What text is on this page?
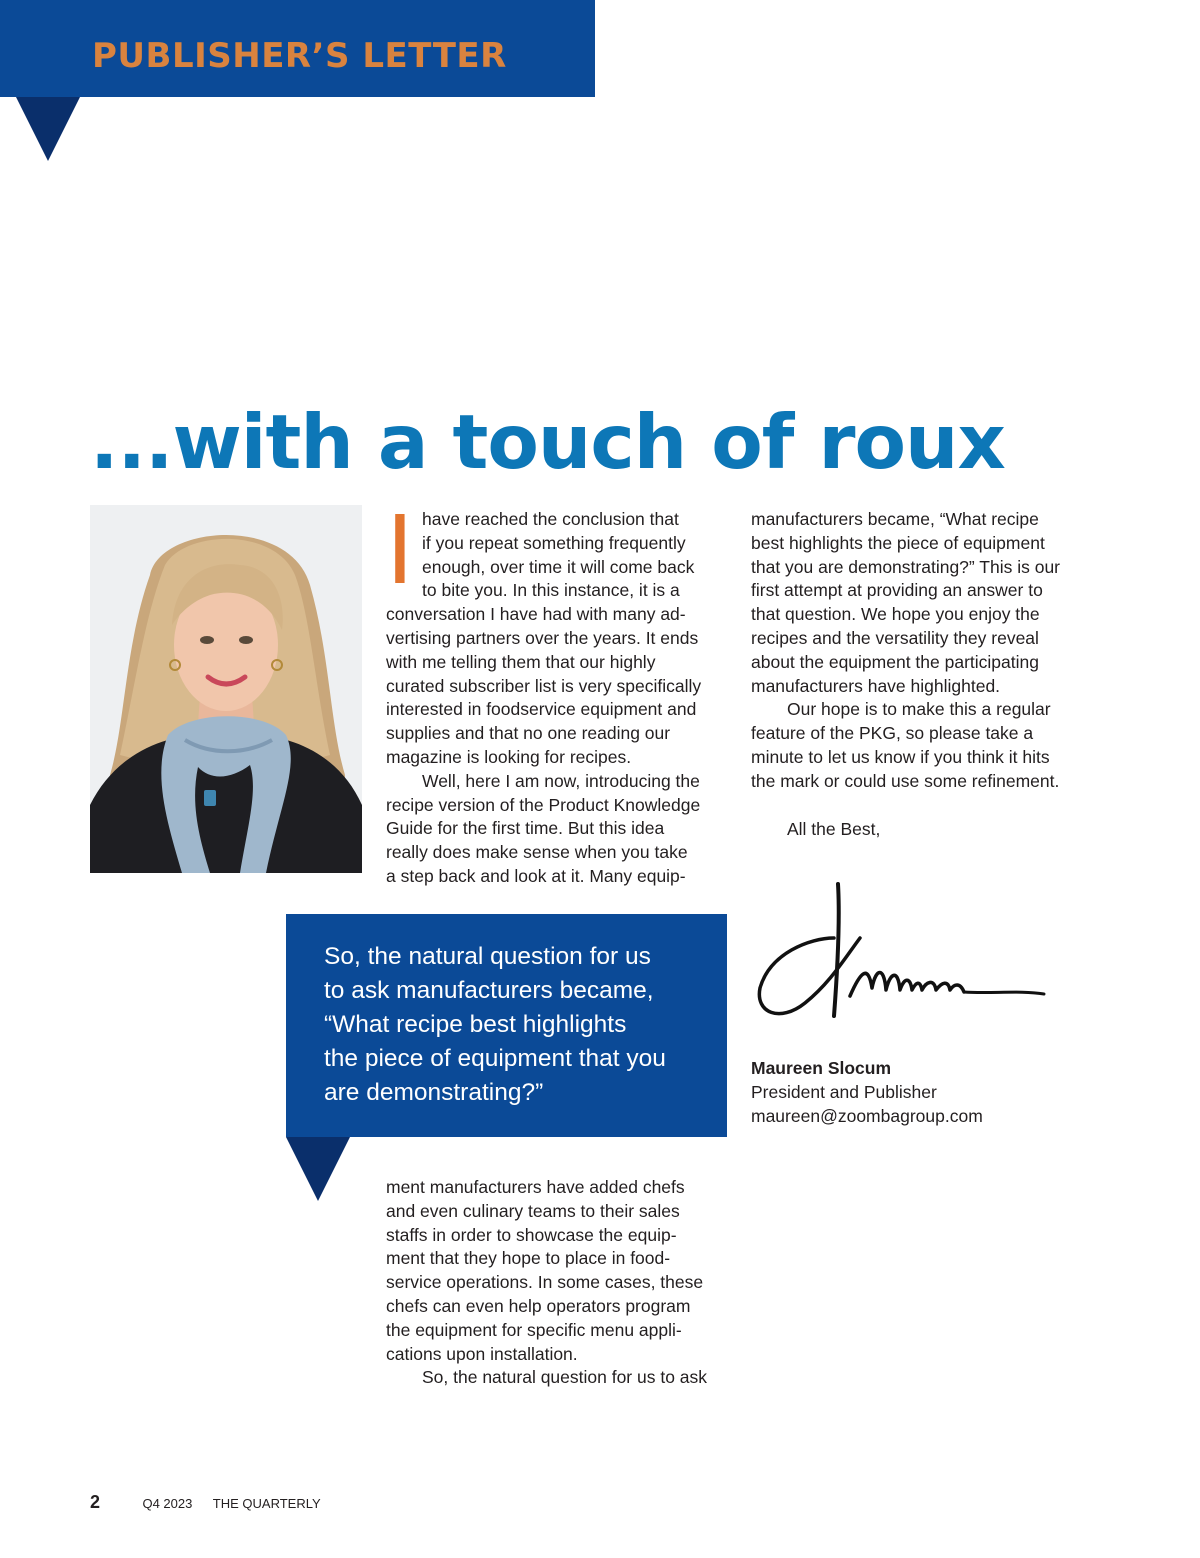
PUBLISHER’S LETTER
...with a touch of roux
I have reached the conclusion that
if you repeat something frequently
enough, over time it will come back
to bite you. In this instance, it is a
conversation I have had with many ad-
vertising partners over the years. It ends
with me telling them that our highly
curated subscriber list is very specifically
interested in foodservice equipment and
supplies and that no one reading our
magazine is looking for recipes.
Well, here I am now, introducing the
recipe version of the Product Knowledge
Guide for the first time. But this idea
really does make sense when you take
a step back and look at it. Many equip-
So, the natural question for us
to ask manufacturers became,
“What recipe best highlights
the piece of equipment that you
are demonstrating?”
ment manufacturers have added chefs
and even culinary teams to their sales
staffs in order to showcase the equip-
ment that they hope to place in food-
service operations. In some cases, these
chefs can even help operators program
the equipment for specific menu appli-
cations upon installation.
So, the natural question for us to ask
manufacturers became, “What recipe
best highlights the piece of equipment
that you are demonstrating?” This is our
first attempt at providing an answer to
that question. We hope you enjoy the
recipes and the versatility they reveal
about the equipment the participating
manufacturers have highlighted.
Our hope is to make this a regular
feature of the PKG, so please take a
minute to let us know if you think it hits
the mark or could use some refinement.
All the Best,
Maureen Slocum
President and Publisher
maureen@zoombagroup.com
2	Q4 2023 THE QUARTERLY
